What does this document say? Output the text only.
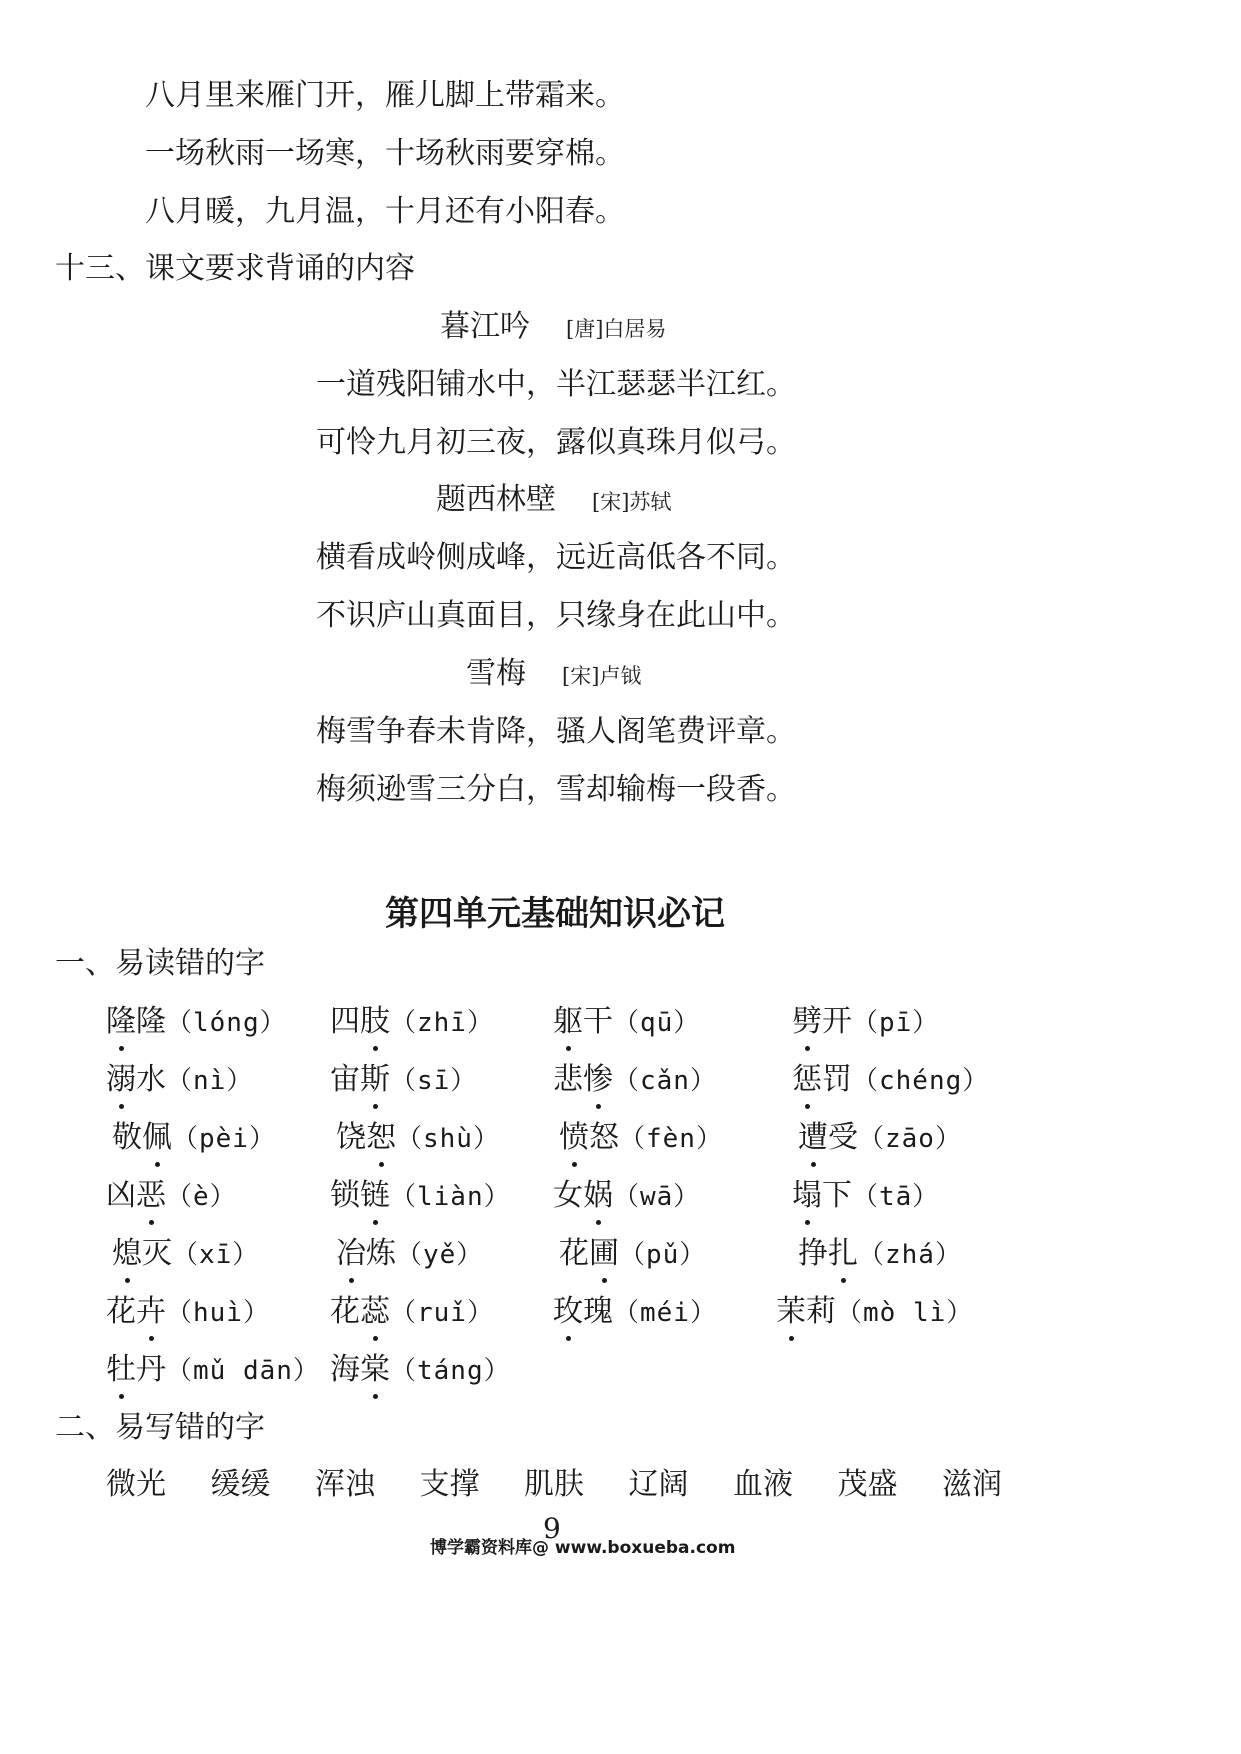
八月里来雁门开，雁儿脚上带霜来。
一场秋雨一场寒，十场秋雨要穿棉。
八月暖，九月温，十月还有小阳春。
十三、课文要求背诵的内容
暮江吟 [唐]白居易
一道残阳铺水中，半江瑟瑟半江红。
可怜九月初三夜，露似真珠月似弓。
题西林壁 [宋]苏轼
横看成岭侧成峰，远近高低各不同。
不识庐山真面目，只缘身在此山中。
雪梅 [宋]卢钺
梅雪争春未肯降，骚人阁笔费评章。
梅须逊雪三分白，雪却输梅一段香。
第四单元基础知识必记
一、易读错的字
隆隆（lóng） 四肢（zhī） 躯干（qū）	劈开（pī）
溺水（nì）	宙斯（sī）	悲惨（cǎn）	惩罚（chéng）
敬佩（pèi） 饶恕（shù） 愤怒（fèn）	遭受（zāo）
凶恶（è）	锁链（liàn） 女娲（wā）	塌下（tā）
熄灭（xī）	冶炼（yě）	花圃（pǔ）	挣扎（zhá）
花卉（huì） 花蕊（ruǐ） 玫瑰（méi） 茉莉（mò lì）
牡丹（mǔ dān） 海棠（táng）
二、易写错的字
微光 缓缓 浑浊 支撑 肌肤 辽阔 血液 茂盛 滋润
9
博学霸资料库@ www.boxueba.com
